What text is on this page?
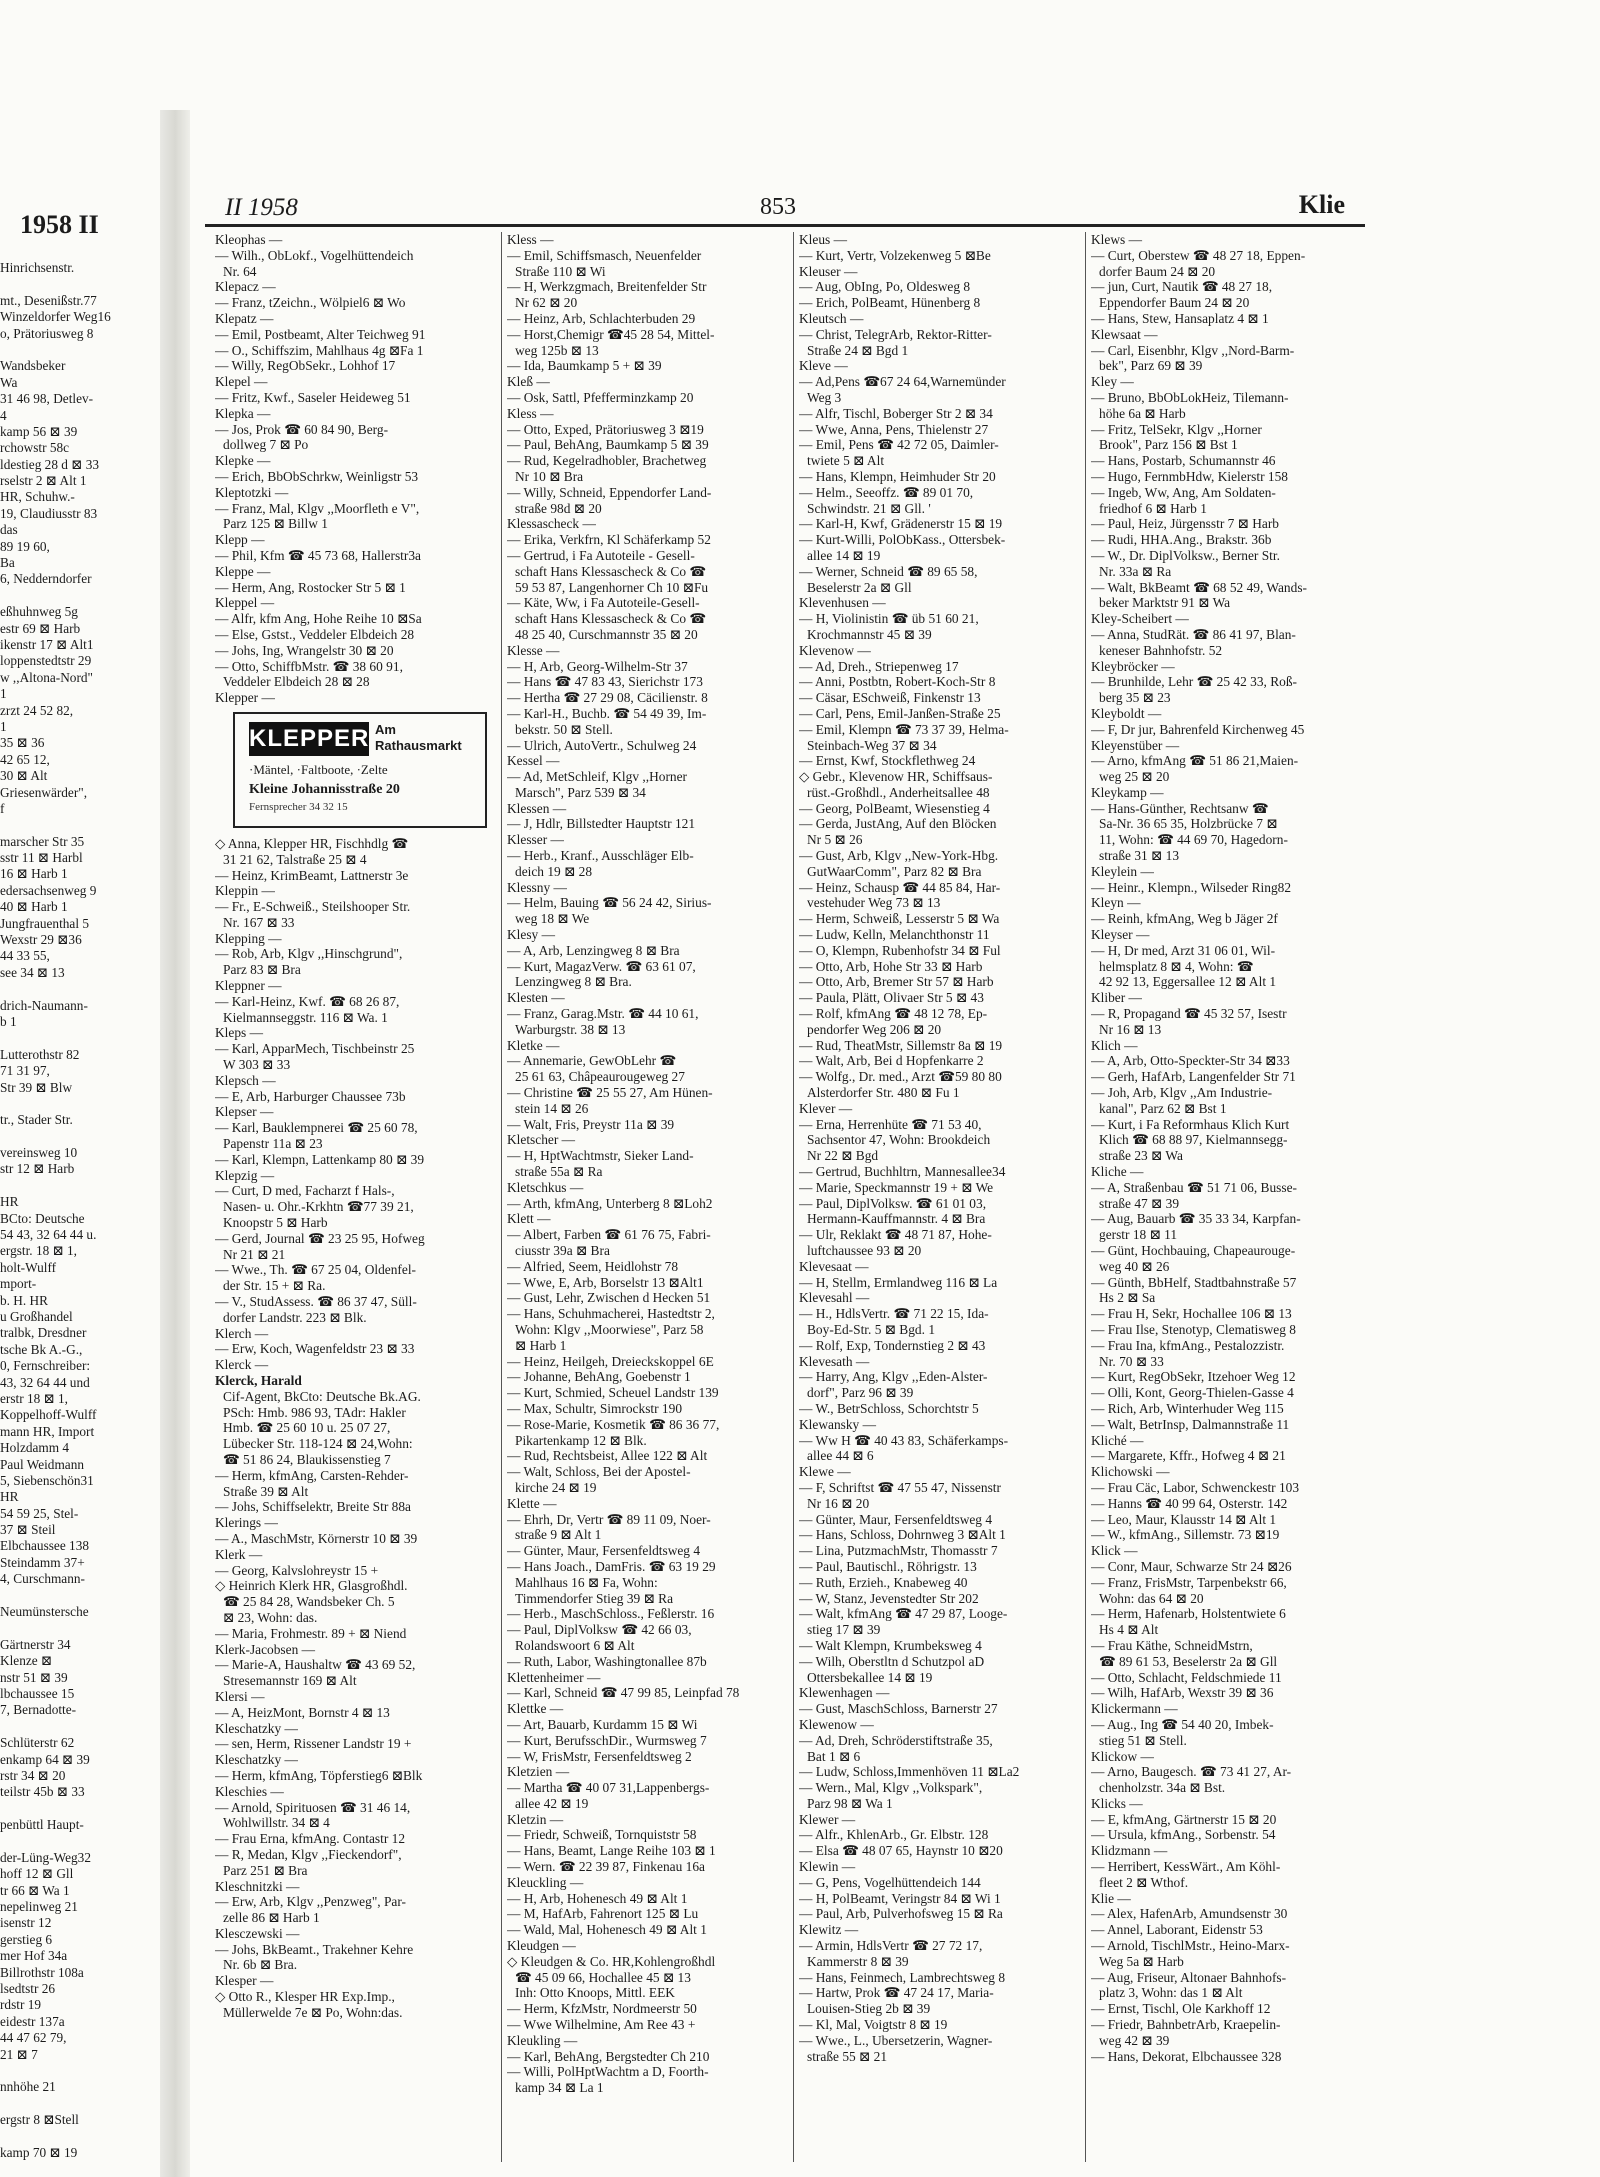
1958 II
Hinrichsenstr.
mt., Desenißstr.77
Winzeldorfer Weg16
o, Prätoriusweg 8
Wandsbeker
Wa
31 46 98, Detlev-
4
kamp 56 ⊠ 39
rchowstr 58c
ldestieg 28 d ⊠ 33
rselstr 2 ⊠ Alt 1
HR, Schuhw.-
19, Claudiusstr 83
das
89 19 60,
Ba
6, Nedderndorfer
eßhuhnweg 5g
estr 69 ⊠ Harb
ikenstr 17 ⊠ Alt1
loppenstedtstr 29
w ,,Altona-Nord"
1
zrzt 24 52 82,
1
35 ⊠ 36
42 65 12,
30 ⊠ Alt
Griesenwärder",
f
marscher Str 35
sstr 11 ⊠ Harbl
16 ⊠ Harb 1
edersachsenweg 9
40 ⊠ Harb 1
Jungfrauenthal 5
Wexstr 29 ⊠36
44 33 55,
see 34 ⊠ 13
drich-Naumann-
b 1
Lutterothstr 82
71 31 97,
Str 39 ⊠ Blw
tr., Stader Str.
vereinsweg 10
str 12 ⊠ Harb
HR
BCto: Deutsche
54 43, 32 64 44 u.
ergstr. 18 ⊠ 1,
holt-Wulff
mport-
b. H. HR
u Großhandel
tralbk, Dresdner
tsche Bk A.-G.,
0, Fernschreiber:
43, 32 64 44 und
erstr 18 ⊠ 1,
Koppelhoff-Wulff
mann HR, Import
Holzdamm 4
Paul Weidmann
5, Siebenschön31
HR
54 59 25, Stel-
37 ⊠ Steil
Elbchaussee 138
Steindamm 37+
4, Curschmann-
Neumünstersche
Gärtnerstr 34
Klenze ⊠
nstr 51 ⊠ 39
lbchaussee 15
7, Bernadotte-
Schlüterstr 62
enkamp 64 ⊠ 39
rstr 34 ⊠ 20
teilstr 45b ⊠ 33
penbüttl Haupt-
der-Lüng-Weg32
hoff 12 ⊠ Gll
tr 66 ⊠ Wa 1
nepelinweg 21
isenstr 12
gerstieg 6
mer Hof 34a
Billrothstr 108a
lsedtstr 26
rdstr 19
eidestr 137a
44 47 62 79,
21 ⊠ 7
nnhöhe 21
ergstr 8 ⊠Stell
kamp 70 ⊠ 19
II 1958	853	Klie

Kleophas —

— Wilh., ObLokf., Vogelhüttendeich

Nr. 64

Klepacz —

— Franz, tZeichn., Wölpiel6 ⊠ Wo

Klepatz —

— Emil, Postbeamt, Alter Teichweg 91

— O., Schiffszim, Mahlhaus 4g ⊠Fa 1

— Willy, RegObSekr., Lohhof 17

Klepel —

— Fritz, Kwf., Saseler Heideweg 51

Klepka —

— Jos, Prok ☎ 60 84 90, Berg-

dollweg 7 ⊠ Po

Klepke —

— Erich, BbObSchrkw, Weinligstr 53

Kleptotzki —

— Franz, Mal, Klgv ,,Moorfleth e V",

Parz 125 ⊠ Billw 1

Klepp —

— Phil, Kfm ☎ 45 73 68, Hallerstr3a

Kleppe —

— Herm, Ang, Rostocker Str 5 ⊠ 1

Kleppel —

— Alfr, kfm Ang, Hohe Reihe 10 ⊠Sa

— Else, Gstst., Veddeler Elbdeich 28

— Johs, Ing, Wrangelstr 30 ⊠ 20

— Otto, SchiffbMstr. ☎ 38 60 91,

Veddeler Elbdeich 28 ⊠ 28

Klepper —

KLEPPER Am Rathausmarkt
·Mäntel, ·Faltboote, ·Zelte
Kleine Johannisstraße 20
Fernsprecher 34 32 15

◇ Anna, Klepper HR, Fischhdlg ☎

31 21 62, Talstraße 25 ⊠ 4

— Heinz, KrimBeamt, Lattnerstr 3e

Kleppin —

— Fr., E-Schweiß., Steilshooper Str.

Nr. 167 ⊠ 33

Klepping —

— Rob, Arb, Klgv ,,Hinschgrund",

Parz 83 ⊠ Bra

Kleppner —

— Karl-Heinz, Kwf. ☎ 68 26 87,

Kielmannseggstr. 116 ⊠ Wa. 1

Kleps —

— Karl, ApparMech, Tischbeinstr 25

W 303 ⊠ 33

Klepsch —

— E, Arb, Harburger Chaussee 73b

Klepser —

— Karl, Bauklempnerei ☎ 25 60 78,

Papenstr 11a ⊠ 23

— Karl, Klempn, Lattenkamp 80 ⊠ 39

Klepzig —

— Curt, D med, Facharzt f Hals-,

Nasen- u. Ohr.-Krkhtn ☎77 39 21,

Knoopstr 5 ⊠ Harb

— Gerd, Journal ☎ 23 25 95, Hofweg

Nr 21 ⊠ 21

— Wwe., Th. ☎ 67 25 04, Oldenfel-

der Str. 15 + ⊠ Ra.

— V., StudAssess. ☎ 86 37 47, Süll-

dorfer Landstr. 223 ⊠ Blk.

Klerch —

— Erw, Koch, Wagenfeldstr 23 ⊠ 33

Klerck —

Klerck, Harald

Cif-Agent, BkCto: Deutsche Bk.AG.

PSch: Hmb. 986 93, TAdr: Hakler

Hmb. ☎ 25 60 10 u. 25 07 27,

Lübecker Str. 118-124 ⊠ 24,Wohn:

☎ 51 86 24, Blaukissenstieg 7

— Herm, kfmAng, Carsten-Rehder-

Straße 39 ⊠ Alt

— Johs, Schiffselektr, Breite Str 88a

Klerings —

— A., MaschMstr, Körnerstr 10 ⊠ 39

Klerk —

— Georg, Kalvslohreystr 15 +

◇ Heinrich Klerk HR, Glasgroßhdl.

☎ 25 84 28, Wandsbeker Ch. 5

⊠ 23, Wohn: das.

— Maria, Frohmestr. 89 + ⊠ Niend

Klerk-Jacobsen —

— Marie-A, Haushaltw ☎ 43 69 52,

Stresemannstr 169 ⊠ Alt

Klersi —

— A, HeizMont, Bornstr 4 ⊠ 13

Kleschatzky —

— sen, Herm, Rissener Landstr 19 +

Kleschatzky —

— Herm, kfmAng, Töpferstieg6 ⊠Blk

Kleschies —

— Arnold, Spirituosen ☎ 31 46 14,

Wohlwillstr. 34 ⊠ 4

— Frau Erna, kfmAng. Contastr 12

— R, Medan, Klgv ,,Fieckendorf",

Parz 251 ⊠ Bra

Kleschnitzki —

— Erw, Arb, Klgv ,,Penzweg", Par-

zelle 86 ⊠ Harb 1

Klesczewski —

— Johs, BkBeamt., Trakehner Kehre

Nr. 6b ⊠ Bra.

Klesper —

◇ Otto R., Klesper HR Exp.Imp.,

Müllerwelde 7e ⊠ Po, Wohn:das.

Kless —

— Emil, Schiffsmasch, Neuenfelder

Straße 110 ⊠ Wi

— H, Werkzgmach, Breitenfelder Str

Nr 62 ⊠ 20

— Heinz, Arb, Schlachterbuden 29

— Horst,Chemigr ☎45 28 54, Mittel-

weg 125b ⊠ 13

— Ida, Baumkamp 5 + ⊠ 39

Kleß —

— Osk, Sattl, Pfefferminzkamp 20

Kless —

— Otto, Exped, Prätoriusweg 3 ⊠19

— Paul, BehAng, Baumkamp 5 ⊠ 39

— Rud, Kegelradhobler, Brachetweg

Nr 10 ⊠ Bra

— Willy, Schneid, Eppendorfer Land-

straße 98d ⊠ 20

Klessascheck —

— Erika, Verkfrn, Kl Schäferkamp 52

— Gertrud, i Fa Autoteile - Gesell-

schaft Hans Klessascheck & Co ☎

59 53 87, Langenhorner Ch 10 ⊠Fu

— Käte, Ww, i Fa Autoteile-Gesell-

schaft Hans Klessascheck & Co ☎

48 25 40, Curschmannstr 35 ⊠ 20

Klesse —

— H, Arb, Georg-Wilhelm-Str 37

— Hans ☎ 47 83 43, Sierichstr 173

— Hertha ☎ 27 29 08, Cäcilienstr. 8

— Karl-H., Buchb. ☎ 54 49 39, Im-

bekstr. 50 ⊠ Stell.

— Ulrich, AutoVertr., Schulweg 24

Kessel —

— Ad, MetSchleif, Klgv ,,Horner

Marsch", Parz 539 ⊠ 34

Klessen —

— J, Hdlr, Billstedter Hauptstr 121

Klesser —

— Herb., Kranf., Ausschläger Elb-

deich 19 ⊠ 28

Klessny —

— Helm, Bauing ☎ 56 24 42, Sirius-

weg 18 ⊠ We

Klesy —

— A, Arb, Lenzingweg 8 ⊠ Bra

— Kurt, MagazVerw. ☎ 63 61 07,

Lenzingweg 8 ⊠ Bra.

Klesten —

— Franz, Garag.Mstr. ☎ 44 10 61,

Warburgstr. 38 ⊠ 13

Kletke —

— Annemarie, GewObLehr ☎

25 61 63, Châpeaurougeweg 27

— Christine ☎ 25 55 27, Am Hünen-

stein 14 ⊠ 26

— Walt, Fris, Preystr 11a ⊠ 39

Kletscher —

— H, HptWachtmstr, Sieker Land-

straße 55a ⊠ Ra

Kletschkus —

— Arth, kfmAng, Unterberg 8 ⊠Loh2

Klett —

— Albert, Farben ☎ 61 76 75, Fabri-

ciusstr 39a ⊠ Bra

— Alfried, Seem, Heidlohstr 78

— Wwe, E, Arb, Borselstr 13 ⊠Alt1

— Gust, Lehr, Zwischen d Hecken 51

— Hans, Schuhmacherei, Hastedtstr 2,

Wohn: Klgv ,,Moorwiese", Parz 58

⊠ Harb 1

— Heinz, Heilgeh, Dreieckskoppel 6E

— Johanne, BehAng, Goebenstr 1

— Kurt, Schmied, Scheuel Landstr 139

— Max, Schultr, Simrockstr 190

— Rose-Marie, Kosmetik ☎ 86 36 77,

Pikartenkamp 12 ⊠ Blk.

— Rud, Rechtsbeist, Allee 122 ⊠ Alt

— Walt, Schloss, Bei der Apostel-

kirche 24 ⊠ 19

Klette —

— Ehrh, Dr, Vertr ☎ 89 11 09, Noer-

straße 9 ⊠ Alt 1

— Günter, Maur, Fersenfeldtsweg 4

— Hans Joach., DamFris. ☎ 63 19 29

Mahlhaus 16 ⊠ Fa, Wohn:

Timmendorfer Stieg 39 ⊠ Ra

— Herb., MaschSchloss., Feßlerstr. 16

— Paul, DiplVolksw ☎ 42 66 03,

Rolandswoort 6 ⊠ Alt

— Ruth, Labor, Washingtonallee 87b

Klettenheimer —

— Karl, Schneid ☎ 47 99 85, Leinpfad 78

Klettke —

— Art, Bauarb, Kurdamm 15 ⊠ Wi

— Kurt, BerufsschDir., Wurmsweg 7

— W, FrisMstr, Fersenfeldtsweg 2

Kletzien —

— Martha ☎ 40 07 31,Lappenbergs-

allee 42 ⊠ 19

Kletzin —

— Friedr, Schweiß, Tornquiststr 58

— Hans, Beamt, Lange Reihe 103 ⊠ 1

— Wern. ☎ 22 39 87, Finkenau 16a

Kleuckling —

— H, Arb, Hohenesch 49 ⊠ Alt 1

— M, HafArb, Fahrenort 125 ⊠ Lu

— Wald, Mal, Hohenesch 49 ⊠ Alt 1

Kleudgen —

◇ Kleudgen & Co. HR,Kohlengroßhdl

☎ 45 09 66, Hochallee 45 ⊠ 13

Inh: Otto Knoops, Mittl. EEK

— Herm, KfzMstr, Nordmeerstr 50

— Wwe Wilhelmine, Am Ree 43 +

Kleukling —

— Karl, BehAng, Bergstedter Ch 210

— Willi, PolHptWachtm a D, Foorth-

kamp 34 ⊠ La 1

Kleus —

— Kurt, Vertr, Volzekenweg 5 ⊠Be

Kleuser —

— Aug, ObIng, Po, Oldesweg 8

— Erich, PolBeamt, Hünenberg 8

Kleutsch —

— Christ, TelegrArb, Rektor-Ritter-

Straße 24 ⊠ Bgd 1

Kleve —

— Ad,Pens ☎67 24 64,Warnemünder

Weg 3

— Alfr, Tischl, Boberger Str 2 ⊠ 34

— Wwe, Anna, Pens, Thielenstr 27

— Emil, Pens ☎ 42 72 05, Daimler-

twiete 5 ⊠ Alt

— Hans, Klempn, Heimhuder Str 20

— Helm., Seeoffz. ☎ 89 01 70,

Schwindstr. 21 ⊠ Gll. '

— Karl-H, Kwf, Grädenerstr 15 ⊠ 19

— Kurt-Willi, PolObKass., Ottersbek-

allee 14 ⊠ 19

— Werner, Schneid ☎ 89 65 58,

Beselerstr 2a ⊠ Gll

Klevenhusen —

— H, Violinistin ☎ üb 51 60 21,

Krochmannstr 45 ⊠ 39

Klevenow —

— Ad, Dreh., Striepenweg 17

— Anni, Postbtn, Robert-Koch-Str 8

— Cäsar, ESchweiß, Finkenstr 13

— Carl, Pens, Emil-Janßen-Straße 25

— Emil, Klempn ☎ 73 37 39, Helma-

Steinbach-Weg 37 ⊠ 34

— Ernst, Kwf, Stockflethweg 24

◇ Gebr., Klevenow HR, Schiffsaus-

rüst.-Großhdl., Anderheitsallee 48

— Georg, PolBeamt, Wiesenstieg 4

— Gerda, JustAng, Auf den Blöcken

Nr 5 ⊠ 26

— Gust, Arb, Klgv ,,New-York-Hbg.

GutWaarComm", Parz 82 ⊠ Bra

— Heinz, Schausp ☎ 44 85 84, Har-

vestehuder Weg 73 ⊠ 13

— Herm, Schweiß, Lesserstr 5 ⊠ Wa

— Ludw, Kelln, Melanchthonstr 11

— O, Klempn, Rubenhofstr 34 ⊠ Ful

— Otto, Arb, Hohe Str 33 ⊠ Harb

— Otto, Arb, Bremer Str 57 ⊠ Harb

— Paula, Plätt, Olivaer Str 5 ⊠ 43

— Rolf, kfmAng ☎ 48 12 78, Ep-

pendorfer Weg 206 ⊠ 20

— Rud, TheatMstr, Sillemstr 8a ⊠ 19

— Walt, Arb, Bei d Hopfenkarre 2

— Wolfg., Dr. med., Arzt ☎59 80 80

Alsterdorfer Str. 480 ⊠ Fu 1

Klever —

— Erna, Herrenhüte ☎ 71 53 40,

Sachsentor 47, Wohn: Brookdeich

Nr 22 ⊠ Bgd

— Gertrud, Buchhltrn, Mannesallee34

— Marie, Speckmannstr 19 + ⊠ We

— Paul, DiplVolksw. ☎ 61 01 03,

Hermann-Kauffmannstr. 4 ⊠ Bra

— Ulr, Reklakt ☎ 48 71 87, Hohe-

luftchaussee 93 ⊠ 20

Klevesaat —

— H, Stellm, Ermlandweg 116 ⊠ La

Klevesahl —

— H., HdlsVertr. ☎ 71 22 15, Ida-

Boy-Ed-Str. 5 ⊠ Bgd. 1

— Rolf, Exp, Tondernstieg 2 ⊠ 43

Klevesath —

— Harry, Ang, Klgv ,,Eden-Alster-

dorf", Parz 96 ⊠ 39

— W., BetrSchloss, Schorchtstr 5

Klewansky —

— Ww H ☎ 40 43 83, Schäferkamps-

allee 44 ⊠ 6

Klewe —

— F, Schriftst ☎ 47 55 47, Nissenstr

Nr 16 ⊠ 20

— Günter, Maur, Fersenfeldtsweg 4

— Hans, Schloss, Dohrnweg 3 ⊠Alt 1

— Lina, PutzmachMstr, Thomasstr 7

— Paul, Bautischl., Röhrigstr. 13

— Ruth, Erzieh., Knabeweg 40

— W, Stanz, Jevenstedter Str 202

— Walt, kfmAng ☎ 47 29 87, Looge-

stieg 17 ⊠ 39

— Walt Klempn, Krumbeksweg 4

— Wilh, Oberstltn d Schutzpol aD

Ottersbekallee 14 ⊠ 19

Klewenhagen —

— Gust, MaschSchloss, Barnerstr 27

Klewenow —

— Ad, Dreh, Schröderstiftstraße 35,

Bat 1 ⊠ 6

— Ludw, Schloss,Immenhöven 11 ⊠La2

— Wern., Mal, Klgv ,,Volkspark",

Parz 98 ⊠ Wa 1

Klewer —

— Alfr., KhlenArb., Gr. Elbstr. 128

— Elsa ☎ 48 07 65, Haynstr 10 ⊠20

Klewin —

— G, Pens, Vogelhüttendeich 144

— H, PolBeamt, Veringstr 84 ⊠ Wi 1

— Paul, Arb, Pulverhofsweg 15 ⊠ Ra

Klewitz —

— Armin, HdlsVertr ☎ 27 72 17,

Kammerstr 8 ⊠ 39

— Hans, Feinmech, Lambrechtsweg 8

— Hartw, Prok ☎ 47 24 17, Maria-

Louisen-Stieg 2b ⊠ 39

— Kl, Mal, Voigtstr 8 ⊠ 19

— Wwe., L., Ubersetzerin, Wagner-

straße 55 ⊠ 21

Klews —

— Curt, Oberstew ☎ 48 27 18, Eppen-

dorfer Baum 24 ⊠ 20

— jun, Curt, Nautik ☎ 48 27 18,

Eppendorfer Baum 24 ⊠ 20

— Hans, Stew, Hansaplatz 4 ⊠ 1

Klewsaat —

— Carl, Eisenbhr, Klgv ,,Nord-Barm-

bek", Parz 69 ⊠ 39

Kley —

— Bruno, BbObLokHeiz, Tilemann-

höhe 6a ⊠ Harb

— Fritz, TelSekr, Klgv ,,Horner

Brook", Parz 156 ⊠ Bst 1

— Hans, Postarb, Schumannstr 46

— Hugo, FernmbHdw, Kielerstr 158

— Ingeb, Ww, Ang, Am Soldaten-

friedhof 6 ⊠ Harb 1

— Paul, Heiz, Jürgensstr 7 ⊠ Harb

— Rudi, HHA.Ang., Brakstr. 36b

— W., Dr. DiplVolksw., Berner Str.

Nr. 33a ⊠ Ra

— Walt, BkBeamt ☎ 68 52 49, Wands-

beker Marktstr 91 ⊠ Wa

Kley-Scheibert —

— Anna, StudRät. ☎ 86 41 97, Blan-

keneser Bahnhofstr. 52

Kleybröcker —

— Brunhilde, Lehr ☎ 25 42 33, Roß-

berg 35 ⊠ 23

Kleyboldt —

— F, Dr jur, Bahrenfeld Kirchenweg 45

Kleyenstüber —

— Arno, kfmAng ☎ 51 86 21,Maien-

weg 25 ⊠ 20

Kleykamp —

— Hans-Günther, Rechtsanw ☎

Sa-Nr. 36 65 35, Holzbrücke 7 ⊠

11, Wohn: ☎ 44 69 70, Hagedorn-

straße 31 ⊠ 13

Kleylein —

— Heinr., Klempn., Wilseder Ring82

Kleyn —

— Reinh, kfmAng, Weg b Jäger 2f

Kleyser —

— H, Dr med, Arzt 31 06 01, Wil-

helmsplatz 8 ⊠ 4, Wohn: ☎

42 92 13, Eggersallee 12 ⊠ Alt 1

Kliber —

— R, Propagand ☎ 45 32 57, Isestr

Nr 16 ⊠ 13

Klich —

— A, Arb, Otto-Speckter-Str 34 ⊠33

— Gerh, HafArb, Langenfelder Str 71

— Joh, Arb, Klgv ,,Am Industrie-

kanal", Parz 62 ⊠ Bst 1

— Kurt, i Fa Reformhaus Klich Kurt

Klich ☎ 68 88 97, Kielmannsegg-

straße 23 ⊠ Wa

Kliche —

— A, Straßenbau ☎ 51 71 06, Busse-

straße 47 ⊠ 39

— Aug, Bauarb ☎ 35 33 34, Karpfan-

gerstr 18 ⊠ 11

— Günt, Hochbauing, Chapeaurouge-

weg 40 ⊠ 26

— Günth, BbHelf, Stadtbahnstraße 57

Hs 2 ⊠ Sa

— Frau H, Sekr, Hochallee 106 ⊠ 13

— Frau Ilse, Stenotyp, Clematisweg 8

— Frau Ina, kfmAng., Pestalozzistr.

Nr. 70 ⊠ 33

— Kurt, RegObSekr, Itzehoer Weg 12

— Olli, Kont, Georg-Thielen-Gasse 4

— Rich, Arb, Winterhuder Weg 115

— Walt, BetrInsp, Dalmannstraße 11

Kliché —

— Margarete, Kffr., Hofweg 4 ⊠ 21

Klichowski —

— Frau Cäc, Labor, Schwenckestr 103

— Hanns ☎ 40 99 64, Osterstr. 142

— Leo, Maur, Klausstr 14 ⊠ Alt 1

— W., kfmAng., Sillemstr. 73 ⊠19

Klick —

— Conr, Maur, Schwarze Str 24 ⊠26

— Franz, FrisMstr, Tarpenbekstr 66,

Wohn: das 64 ⊠ 20

— Herm, Hafenarb, Holstentwiete 6

Hs 4 ⊠ Alt

— Frau Käthe, SchneidMstrn,

☎ 89 61 53, Beselerstr 2a ⊠ Gll

— Otto, Schlacht, Feldschmiede 11

— Wilh, HafArb, Wexstr 39 ⊠ 36

Klickermann —

— Aug., Ing ☎ 54 40 20, Imbek-

stieg 51 ⊠ Stell.

Klickow —

— Arno, Baugesch. ☎ 73 41 27, Ar-

chenholzstr. 34a ⊠ Bst.

Klicks —

— E, kfmAng, Gärtnerstr 15 ⊠ 20

— Ursula, kfmAng., Sorbenstr. 54

Klidzmann —

— Herribert, KessWärt., Am Köhl-

fleet 2 ⊠ Wthof.

Klie —

— Alex, HafenArb, Amundsenstr 30

— Annel, Laborant, Eidenstr 53

— Arnold, TischlMstr., Heino-Marx-

Weg 5a ⊠ Harb

— Aug, Friseur, Altonaer Bahnhofs-

platz 3, Wohn: das 1 ⊠ Alt

— Ernst, Tischl, Ole Karkhoff 12

— Friedr, BahnbetrArb, Kraepelin-

weg 42 ⊠ 39

— Hans, Dekorat, Elbchaussee 328
